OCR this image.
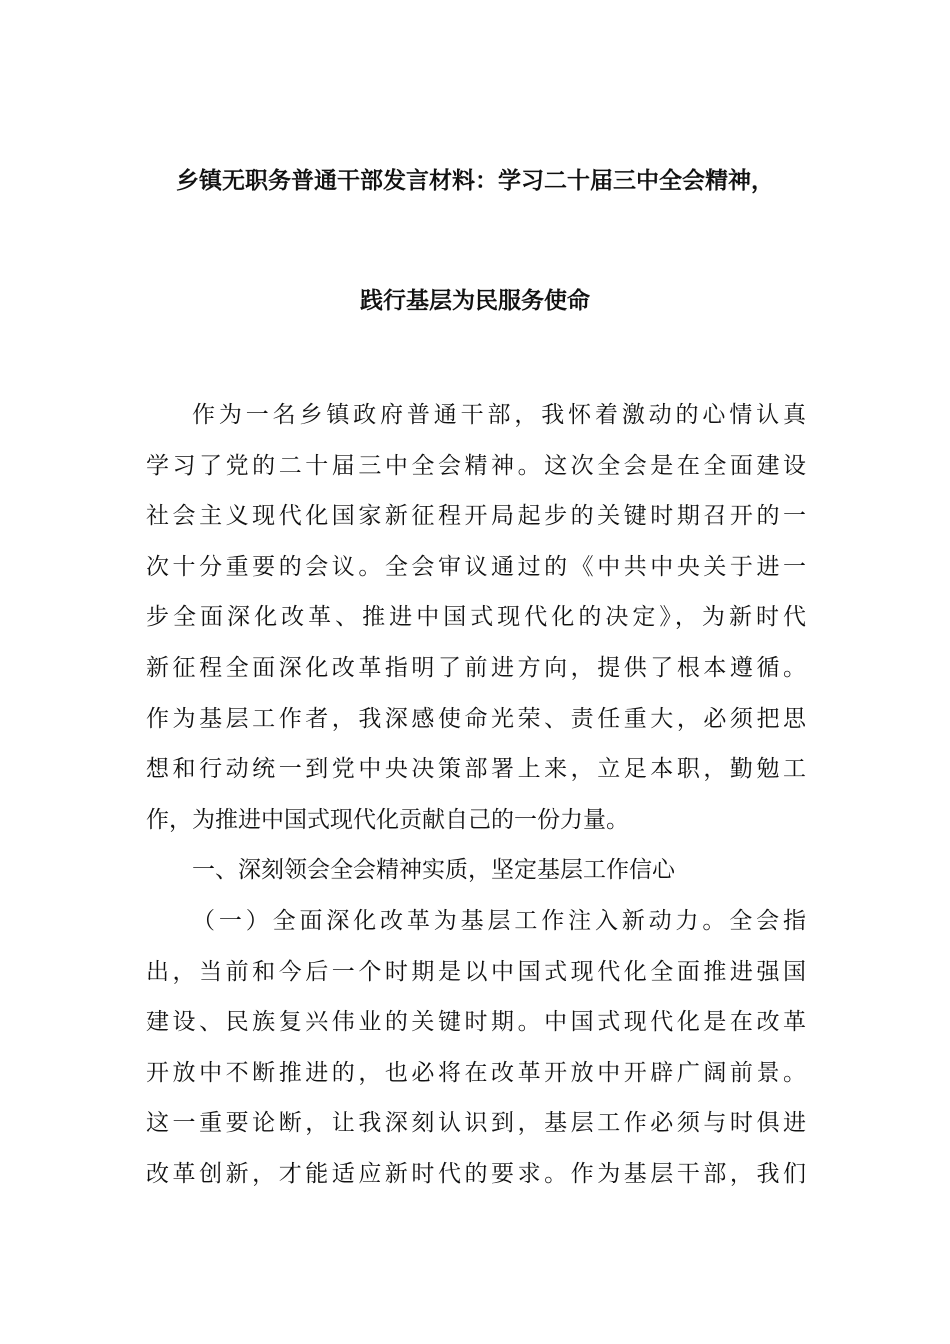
乡镇无职务普通干部发言材料：学习二十届三中全会精神，
践行基层为民服务使命
作为一名乡镇政府普通干部，我怀着激动的心情认真
学习了党的二十届三中全会精神。这次全会是在全面建设
社会主义现代化国家新征程开局起步的关键时期召开的一
次十分重要的会议。全会审议通过的《中共中央关于进一
步全面深化改革、推进中国式现代化的决定》，为新时代
新征程全面深化改革指明了前进方向，提供了根本遵循。
作为基层工作者，我深感使命光荣、责任重大，必须把思
想和行动统一到党中央决策部署上来，立足本职，勤勉工
作，为推进中国式现代化贡献自己的一份力量。
一、深刻领会全会精神实质，坚定基层工作信心
（一）全面深化改革为基层工作注入新动力。全会指
出，当前和今后一个时期是以中国式现代化全面推进强国
建设、民族复兴伟业的关键时期。中国式现代化是在改革
开放中不断推进的，也必将在改革开放中开辟广阔前景。
这一重要论断，让我深刻认识到，基层工作必须与时俱进
改革创新，才能适应新时代的要求。作为基层干部，我们
